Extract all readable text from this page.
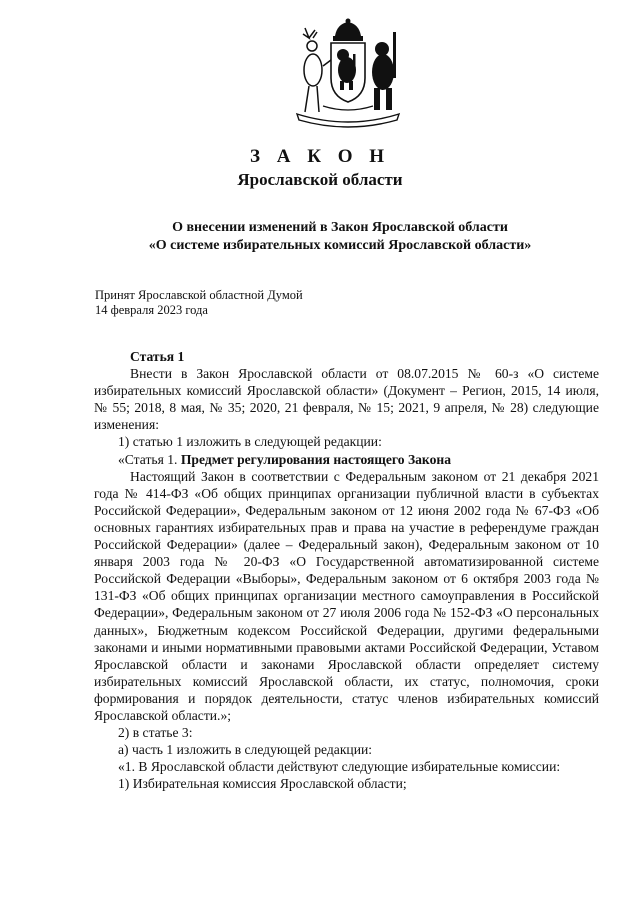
З А К О Н
Ярославской области
О внесении изменений в Закон Ярославской области
«О системе избирательных комиссий Ярославской области»
Принят Ярославской областной Думой
14 февраля 2023 года

Статья 1

Внести в Закон Ярославской области от 08.07.2015 № 60-з «О системе избирательных комиссий Ярославской области» (Документ – Регион, 2015, 14 июля, № 55; 2018, 8 мая, № 35; 2020, 21 февраля, № 15; 2021, 9 апреля, № 28) следующие изменения:

1) статью 1 изложить в следующей редакции:

«Статья 1. Предмет регулирования настоящего Закона

Настоящий Закон в соответствии с Федеральным законом от 21 декабря 2021 года № 414-ФЗ «Об общих принципах организации публичной власти в субъектах Российской Федерации», Федеральным законом от 12 июня 2002 года № 67-ФЗ «Об основных гарантиях избирательных прав и права на участие в референдуме граждан Российской Федерации» (далее – Федеральный закон), Федеральным законом от 10 января 2003 года № 20-ФЗ «О Государственной автоматизированной системе Российской Федерации «Выборы», Федеральным законом от 6 октября 2003 года № 131-ФЗ «Об общих принципах организации местного самоуправления в Российской Федерации», Федеральным законом от 27 июля 2006 года № 152-ФЗ «О персональных данных», Бюджетным кодексом Российской Федерации, другими федеральными законами и иными нормативными правовыми актами Российской Федерации, Уставом Ярославской области и законами Ярославской области определяет систему избирательных комиссий Ярославской области, их статус, полномочия, сроки формирования и порядок деятельности, статус членов избирательных комиссий Ярославской области.»;

2) в статье 3:

а) часть 1 изложить в следующей редакции:

«1. В Ярославской области действуют следующие избирательные комиссии:

1) Избирательная комиссия Ярославской области;
